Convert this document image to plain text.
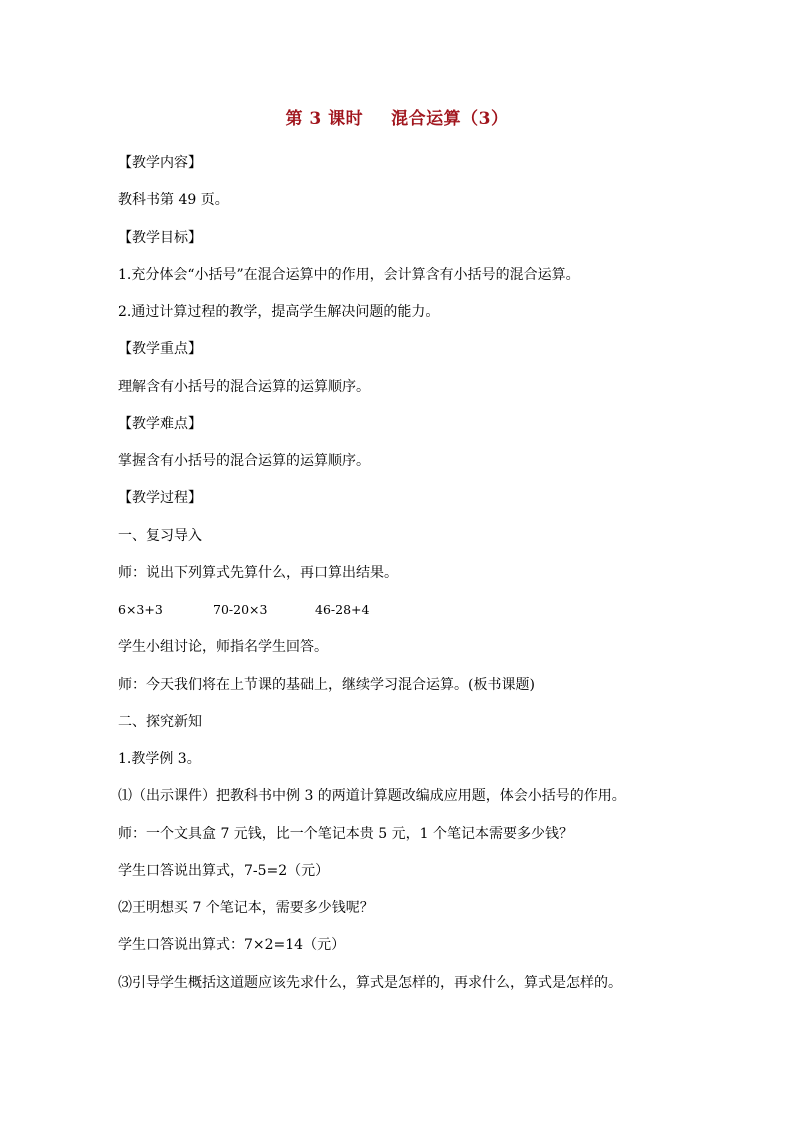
第 3 课时 混合运算（3）
【教学内容】
教科书第 49 页。
【教学目标】
1.充分体会“小括号”在混合运算中的作用，会计算含有小括号的混合运算。
2.通过计算过程的教学，提高学生解决问题的能力。
【教学重点】
理解含有小括号的混合运算的运算顺序。
【教学难点】
掌握含有小括号的混合运算的运算顺序。
【教学过程】
一、复习导入
师：说出下列算式先算什么，再口算出结果。
6×3+3	70-20×3	46-28+4
学生小组讨论，师指名学生回答。
师：今天我们将在上节课的基础上，继续学习混合运算。(板书课题)
二、探究新知
1.教学例 3。
⑴（出示课件）把教科书中例 3 的两道计算题改编成应用题，体会小括号的作用。
师：一个文具盒 7 元钱，比一个笔记本贵 5 元，1 个笔记本需要多少钱？
学生口答说出算式，7-5=2（元）
⑵王明想买 7 个笔记本，需要多少钱呢？
学生口答说出算式：7×2=14（元）
⑶引导学生概括这道题应该先求什么，算式是怎样的，再求什么，算式是怎样的。
